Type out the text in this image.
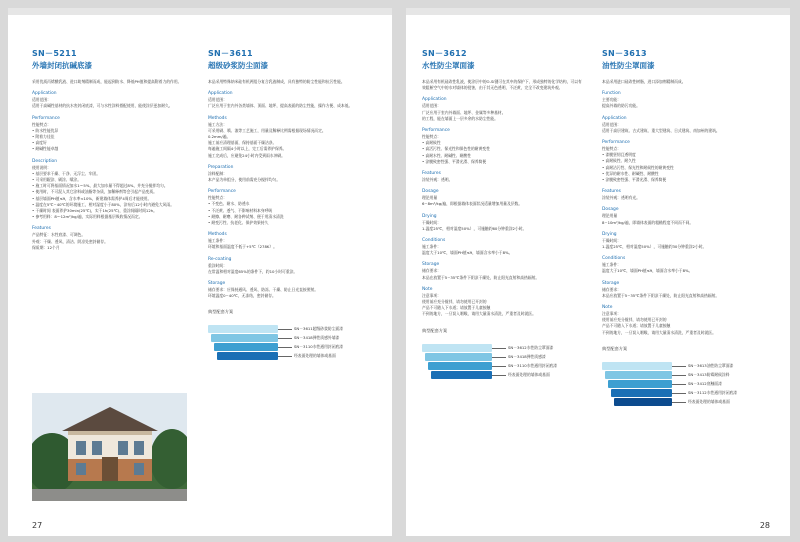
SN－5211
外墙封闭抗碱底漆
采用优质丙烯酸乳液、进口助剂精制而成，能起到防水、降低PH值和提高附着力的作用。
Application

适用范围：

适用于高碱性基材的抗水害封闭底漆，可与水性涂料搭配使用，能使涂层更加耐久。

Performance

性能特点：

• 防水性能优异

• 附着力佳佳

• 高度好

• 耐碱性能卓越

Description

使用说明：

• 基层要求干燥、干净、无浮尘、牢固。

• 可采用辊涂、刷涂、喷涂。

• 施工时可将基面情况加水1～5%，最大加水量不得超过8%，并充分搅拌均匀。

• 使用时，不可混入其它涂料或油脂等杂质，加稀释剂等会引起产品变质。

• 基层墙面PH值≤9，含水率<10%，新建墙体需养护4周后才能使用。

• 温度在5℃~40℃的环境施工，相对湿度小于80%，涂布后12小时内避免大风雨。

• 干燥时间 表面养护30min(25℃)，实干1h(25℃)，重涂间隔时间12h。

• 参考用料：8～12m²/kg/遍，实际用料根据基层吸收情况而定。

Features

产品特征：水性底漆、可调色。

外观：干燥、透风、清洁、阴凉处密封储存。

保质期：12个月

SN－3611
超级砂浆防尘面漆
本品采用特殊纳米硅有机两组分复合乳液制成，具有独特的防尘性能和抗污性能。
Application

适用范围：

广泛应用于室内外各类墙体、顶面、地坪，提高表面的防尘性能，操作方便、成本低。

Methods

施工方法：

可采用刷、喷、滚等工艺施工，用量及稀释比例需根据现场情况而定。

0.2mm/遍。

施工前应清理基面，保持基面干燥洁净。

每遍施工间隔4小时以上，完工后需养护保养。

施工完成后，应避免24小时内受到雨水冲刷。

Preparation

涂料配制：

本产品为单组分，使用前需充分搅拌均匀。

Performance

性能特点：

• 不变色、耐水、防透水

• 不泛黄、透气、不影响材料本身呼吸

• 耐擦、耐磨、耐各种试剂、便于用清水清洗

• 耐变污性、抗老化、保护效果持久

Methods

施工条件：

环境和基面温度不低于+5℃（278K）。

Re-coating

重涂时间：

在常温和相对湿度65%的条件下，约10小时可重涂。

Storage

储存要求：应保持通风、透风、防冻、干燥、防止日光直接照射。

环境温度0~40℃，无冻结，密封储存。

典型配套方案
SN－3611超级砂浆防尘面漆
SN－3418弹性质感外墙漆
SN－3110水性通用封闭底漆
经表面处理的墙体或基面
27
SN－3612
水性防尘罩面漆
本品采用有机硅改性乳液，使涂层中的O-Si键可在其中的保护下，形成独特的化学结构，可以有效阻断空气中的水对墙体的侵蚀，由于其无色透明，不泛黄，完全不改变建筑外观。
Application

适用范围：

广泛应用于室内外墙面、地坪、金属等多种基材。

的工程，能在墙面上一层多余的水防尘性能。

Performance

性能特点：

• 高耐候性

• 高活污性、保光性和保色性的耐黄变性

• 高耐水性、耐碱性、耐酸性

• 涂膜致密性强、平滑光滑、保养简便

Features

涂装外观：透明。

Dosage

理论用量

6~8m²/kg/遍，即根据墙体表面状况适量增加用量及层数。

Drying

干燥时间：

1.温度25℃，相对湿度50%），可施触约60分钟重涂2小时。

Conditions

施工条件：

温度大于10℃，墙面PH值≤9，墙面含水率小于8%。

Storage

储存要求：

本品在放置于5~35℃条件下阴凉干燥处，防止阳光直射和高热辐射。

Note

注意事项：

使用前应充分搅拌，请勿使用已开封的

产品不可随入下水道；请放置于儿童接触

不到的地方，一旦误入咽喉，请用大量清水清洗，严重者及时就医。

典型配套方案
SN－3612水性防尘罩面漆
SN－3418弹性质感漆
SN－3110水性通用封闭底漆
经表面处理的墙体或基面
SN－3613
油性防尘罩面漆
本品采用进口硅改性树脂，进口添加剂精制而成。
Function

主要功能：

提高外墙的防污功能。

Application

适用范围：

适用于高层建筑、古式建筑、重大型建筑、日式建筑、南加州的建筑。

Performance

性能特点：

• 漆膜坚韧且透明度

• 高耐候性、耐久性

• 高耐沾污性、保光性和耐候性的耐黄变性

• 优异的耐水性、耐碱性、耐酸性

• 涂膜致密性强、平滑光滑、保养简便

Features

涂装外观：透明有光。

Dosage

理论用量

8~10m²/kg/遍，即墙体表面的粗糙程度不同而不同。

Drying

干燥时间：

1.温度25℃，相对湿度50%），可施触约30分钟重涂2小时。

Conditions

施工条件：

温度大于10℃，墙面PH值≤9，墙面含水率小于8%。

Storage

储存要求：

本品应放置于5~35℃条件下阴凉干燥处，防止阳光直射和高热辐射。

Note

注意事项：

使用前应充分搅拌，请勿使用已开封的

产品不可随入下水道；请放置于儿童接触

不到的地方，一旦误入咽喉，请用大量清水清洗，严重者及时就医。

典型配套方案
SN－3613油性防尘罩面漆
SN－3413防霉耐候涂料
SN－3412底釉面漆
SN－3112水性通用封闭底漆
经表面处理的墙体或基面
28
